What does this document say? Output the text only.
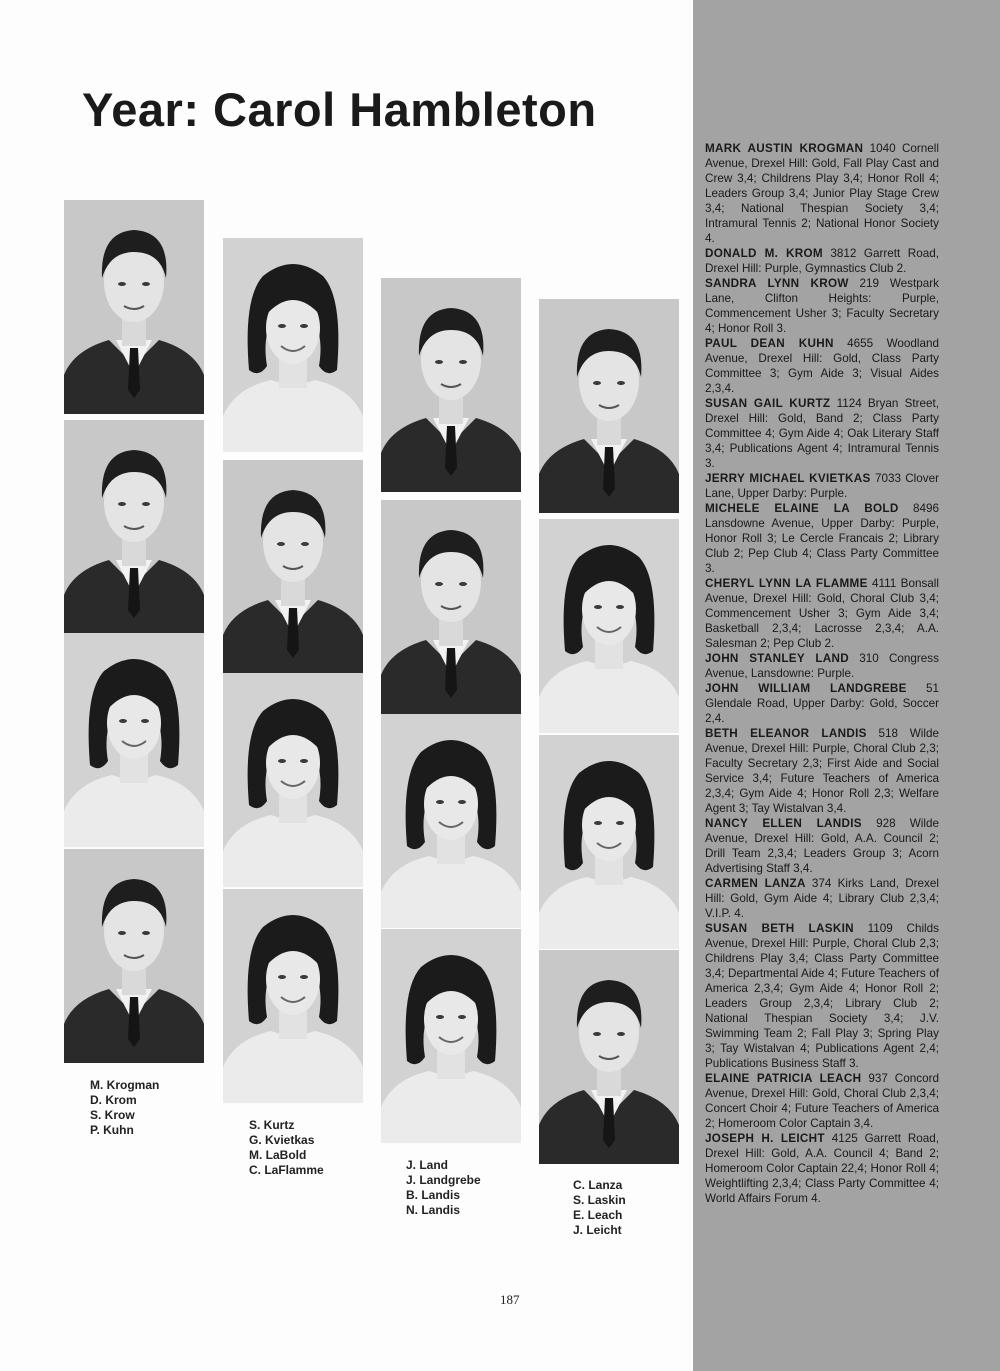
Year: Carol Hambleton
M. Krogman
D. Krom
S. Krow
P. Kuhn	S. Kurtz
G. Kvietkas
M. LaBold
C. LaFlamme	J. Land
J. Landgrebe
B. Landis
N. Landis
C. Lanza
S. Laskin
E. Leach
J. Leicht

MARK AUSTIN KROGMAN 1040 Cornell Avenue, Drexel Hill: Gold, Fall Play Cast and Crew 3,4; Childrens Play 3,4; Honor Roll 4; Leaders Group 3,4; Junior Play Stage Crew 3,4; National Thespian Society 3,4; Intramural Tennis 2; National Honor Society 4.

DONALD M. KROM 3812 Garrett Road, Drexel Hill: Purple, Gymnastics Club 2.

SANDRA LYNN KROW 219 Westpark Lane, Clifton Heights: Purple, Commencement Usher 3; Faculty Secretary 4; Honor Roll 3.

PAUL DEAN KUHN 4655 Woodland Avenue, Drexel Hill: Gold, Class Party Committee 3; Gym Aide 3; Visual Aides 2,3,4.

SUSAN GAIL KURTZ 1124 Bryan Street, Drexel Hill: Gold, Band 2; Class Party Committee 4; Gym Aide 4; Oak Literary Staff 3,4; Publications Agent 4; Intramural Tennis 3.

JERRY MICHAEL KVIETKAS 7033 Clover Lane, Upper Darby: Purple.

MICHELE ELAINE LA BOLD 8496 Lansdowne Avenue, Upper Darby: Purple, Honor Roll 3; Le Cercle Francais 2; Library Club 2; Pep Club 4; Class Party Committee 3.

CHERYL LYNN LA FLAMME 4111 Bonsall Avenue, Drexel Hill: Gold, Choral Club 3,4; Commencement Usher 3; Gym Aide 3,4; Basketball 2,3,4; Lacrosse 2,3,4; A.A. Salesman 2; Pep Club 2.

JOHN STANLEY LAND 310 Congress Avenue, Lansdowne: Purple.

JOHN WILLIAM LANDGREBE 51 Glendale Road, Upper Darby: Gold, Soccer 2,4.

BETH ELEANOR LANDIS 518 Wilde Avenue, Drexel Hill: Purple, Choral Club 2,3; Faculty Secretary 2,3; First Aide and Social Service 3,4; Future Teachers of America 2,3,4; Gym Aide 4; Honor Roll 2,3; Welfare Agent 3; Tay Wistalvan 3,4.

NANCY ELLEN LANDIS 928 Wilde Avenue, Drexel Hill: Gold, A.A. Council 2; Drill Team 2,3,4; Leaders Group 3; Acorn Advertising Staff 3,4.

CARMEN LANZA 374 Kirks Land, Drexel Hill: Gold, Gym Aide 4; Library Club 2,3,4; V.I.P. 4.

SUSAN BETH LASKIN 1109 Childs Avenue, Drexel Hill: Purple, Choral Club 2,3; Childrens Play 3,4; Class Party Committee 3,4; Departmental Aide 4; Future Teachers of America 2,3,4; Gym Aide 4; Honor Roll 2; Leaders Group 2,3,4; Library Club 2; National Thespian Society 3,4; J.V. Swimming Team 2; Fall Play 3; Spring Play 3; Tay Wistalvan 4; Publications Agent 2,4; Publications Business Staff 3.

ELAINE PATRICIA LEACH 937 Concord Avenue, Drexel Hill: Gold, Choral Club 2,3,4; Concert Choir 4; Future Teachers of America 2; Homeroom Color Captain 3,4.

JOSEPH H. LEICHT 4125 Garrett Road, Drexel Hill: Gold, A.A. Council 4; Band 2; Homeroom Color Captain 22,4; Honor Roll 4; Weightlifting 2,3,4; Class Party Committee 4; World Affairs Forum 4.

187
